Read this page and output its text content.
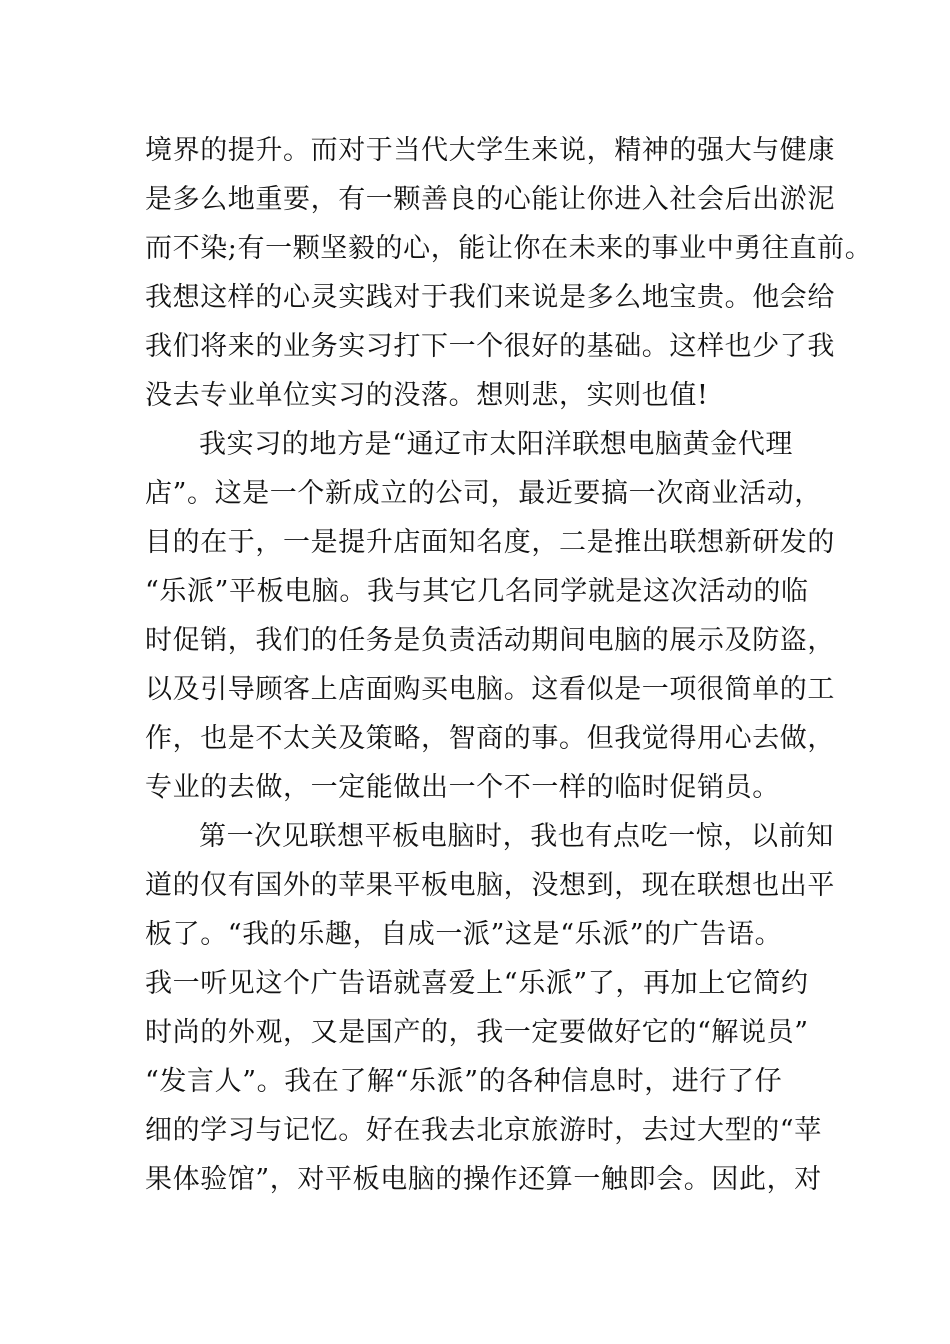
境界的提升。而对于当代大学生来说，精神的强大与健康
是多么地重要，有一颗善良的心能让你进入社会后出淤泥
而不染;有一颗坚毅的心，能让你在未来的事业中勇往直前。
我想这样的心灵实践对于我们来说是多么地宝贵。他会给
我们将来的业务实习打下一个很好的基础。这样也少了我
没去专业单位实习的没落。想则悲，实则也值!
我实习的地方是“通辽市太阳洋联想电脑黄金代理
店”。这是一个新成立的公司，最近要搞一次商业活动，
目的在于，一是提升店面知名度，二是推出联想新研发的
“乐派”平板电脑。我与其它几名同学就是这次活动的临
时促销，我们的任务是负责活动期间电脑的展示及防盗，
以及引导顾客上店面购买电脑。这看似是一项很简单的工
作，也是不太关及策略，智商的事。但我觉得用心去做，
专业的去做，一定能做出一个不一样的临时促销员。
第一次见联想平板电脑时，我也有点吃一惊，以前知
道的仅有国外的苹果平板电脑，没想到，现在联想也出平
板了。“我的乐趣，自成一派”这是“乐派”的广告语。
我一听见这个广告语就喜爱上“乐派”了，再加上它简约
时尚的外观，又是国产的，我一定要做好它的“解说员”
“发言人”。我在了解“乐派”的各种信息时，进行了仔
细的学习与记忆。好在我去北京旅游时，去过大型的“苹
果体验馆”，对平板电脑的操作还算一触即会。因此，对
